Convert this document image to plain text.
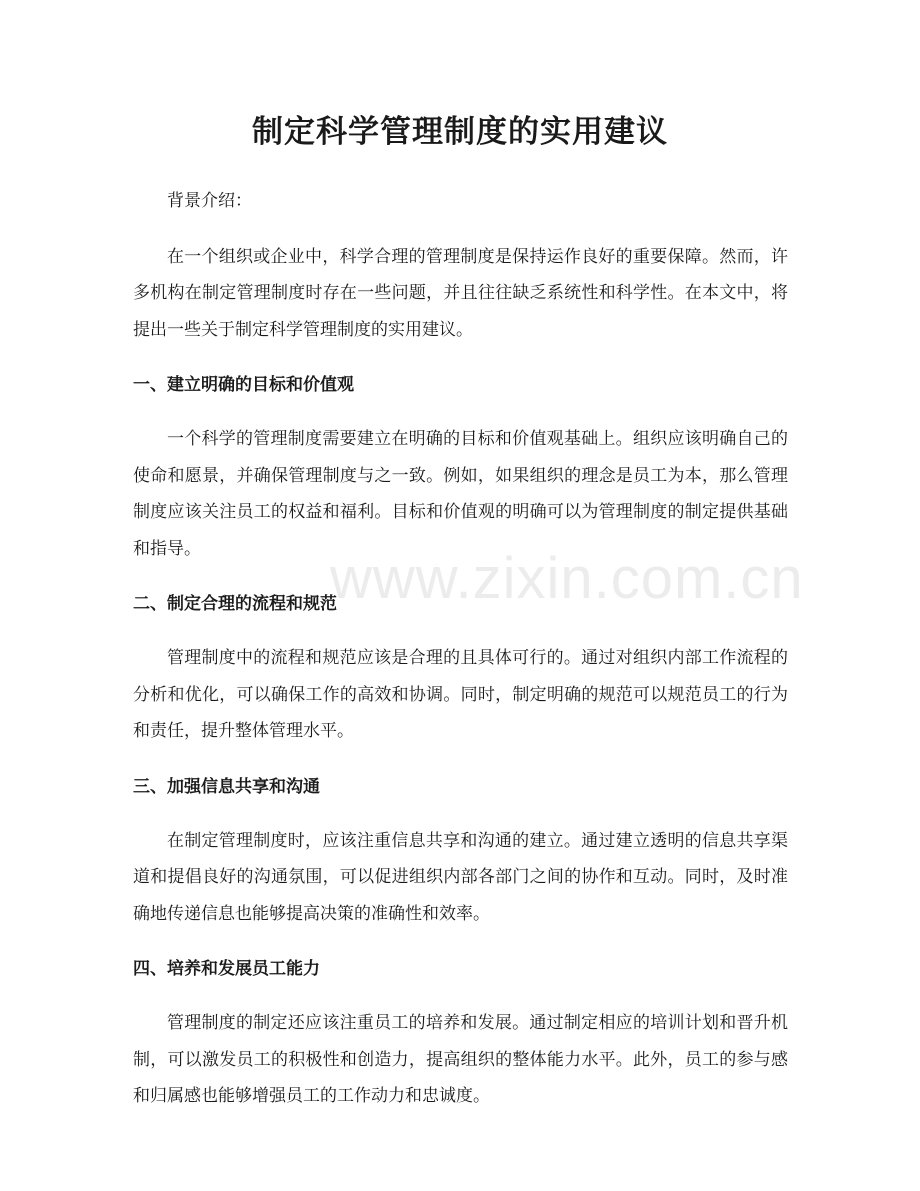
www.zixin.com.cn
制定科学管理制度的实用建议

背景介绍：

在一个组织或企业中，科学合理的管理制度是保持运作良好的重要保障。然而，许多机构在制定管理制度时存在一些问题，并且往往缺乏系统性和科学性。在本文中，将提出一些关于制定科学管理制度的实用建议。

一、建立明确的目标和价值观

一个科学的管理制度需要建立在明确的目标和价值观基础上。组织应该明确自己的使命和愿景，并确保管理制度与之一致。例如，如果组织的理念是员工为本，那么管理制度应该关注员工的权益和福利。目标和价值观的明确可以为管理制度的制定提供基础和指导。

二、制定合理的流程和规范

管理制度中的流程和规范应该是合理的且具体可行的。通过对组织内部工作流程的分析和优化，可以确保工作的高效和协调。同时，制定明确的规范可以规范员工的行为和责任，提升整体管理水平。

三、加强信息共享和沟通

在制定管理制度时，应该注重信息共享和沟通的建立。通过建立透明的信息共享渠道和提倡良好的沟通氛围，可以促进组织内部各部门之间的协作和互动。同时，及时准确地传递信息也能够提高决策的准确性和效率。

四、培养和发展员工能力

管理制度的制定还应该注重员工的培养和发展。通过制定相应的培训计划和晋升机制，可以激发员工的积极性和创造力，提高组织的整体能力水平。此外，员工的参与感和归属感也能够增强员工的工作动力和忠诚度。
